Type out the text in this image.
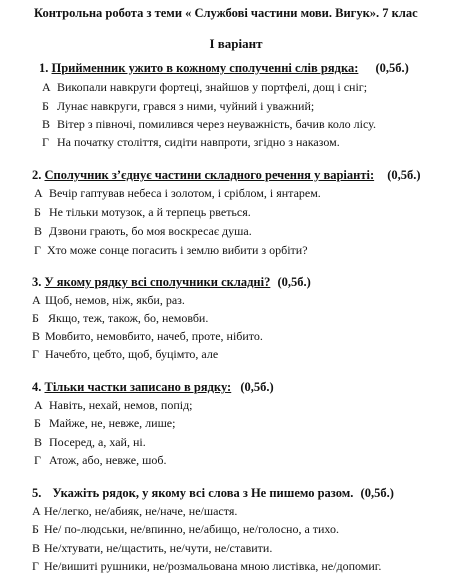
Контрольна робота з теми « Службові частини мови. Вигук». 7 клас
І варіант
1. Прийменник ужито в кожному сполученні слів рядка: (0,5б.)
А Викопали навкруги фортеці, знайшов у портфелі, дощ і сніг;
Б Лунає навкруги, грався з ними, чуйний і уважний;
В Вітер з півночі, помилився через неуважність, бачив коло лісу.
Г На початку століття, сидіти навпроти, згідно з наказом.
2. Сполучник з’єднує частини складного речення у варіанті: (0,5б.)
А Вечір гаптував небеса і золотом, і сріблом, і янтарем.
Б Не тільки мотузок, а й терпець рветься.
В Дзвони грають, бо моя воскресає душа.
Г Хто може сонце погасить і землю вибити з орбіти?
3. У якому рядку всі сполучники складні? (0,5б.)
А Щоб, немов, ніж, якби, раз.
Б Якщо, теж, також, бо, немовби.
В Мовбито, немовбито, начеб, проте, нібито.
Г Начебто, цебто, щоб, буцімто, але
4. Тільки частки записано в рядку: (0,5б.)
А Навіть, нехай, немов, попід;
Б Майже, не, невже, лише;
В Посеред, а, хай, ні.
Г Атож, або, невже, шоб.
5. Укажіть рядок, у якому всі слова з Не пишемо разом. (0,5б.)
А Не/легко, не/абияк, не/наче, не/шастя.
Б Не/ по-людськи, не/впинно, не/абищо, не/голосно, а тихо.
В Не/хтувати, не/щастить, не/чути, не/ставити.
Г Не/вишиті рушники, не/розмальована мною листівка, не/допомиг.
